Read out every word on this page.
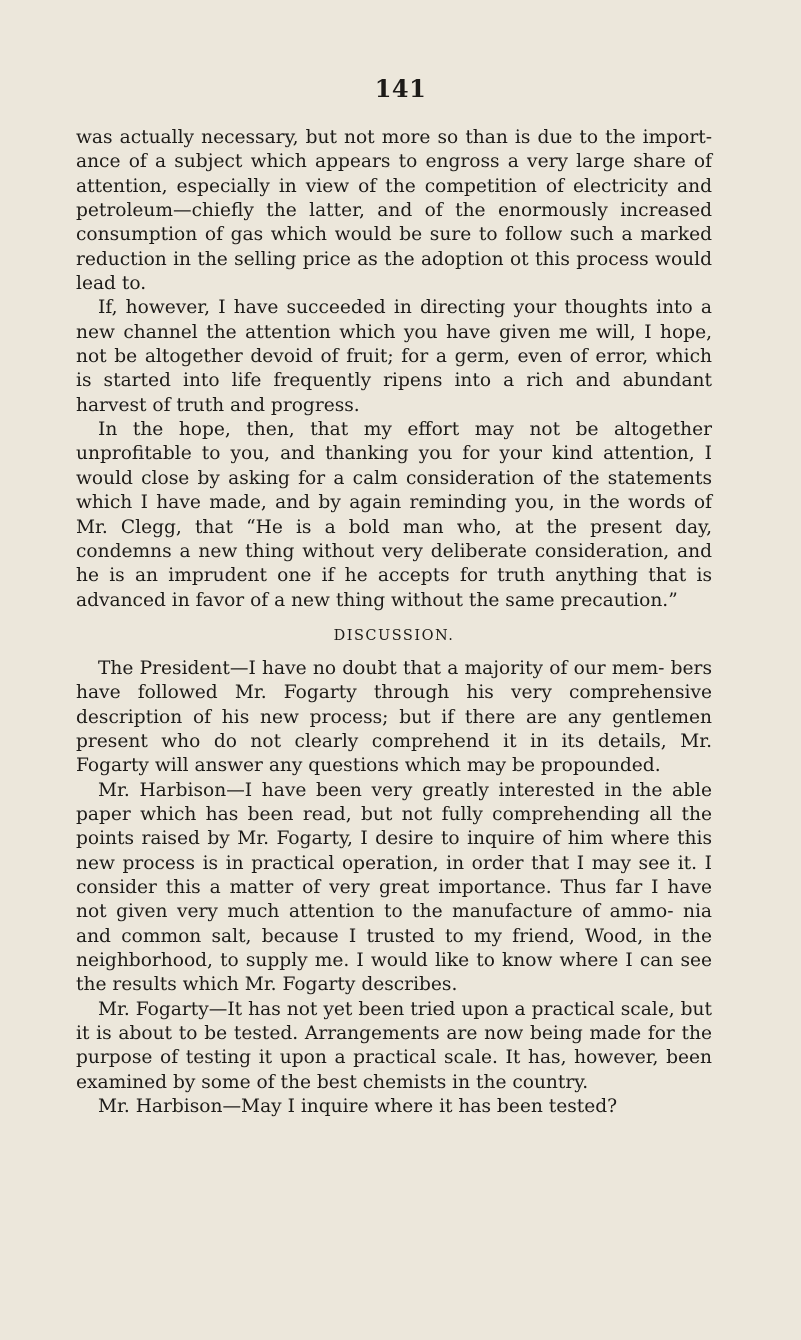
141

was actually necessary, but not more so than is due to the import- ance of a subject which appears to engross a very large share of attention, especially in view of the competition of electricity and petroleum—chiefly the latter, and of the enormously increased consumption of gas which would be sure to follow such a marked reduction in the selling price as the adoption ot this process would lead to.

If, however, I have succeeded in directing your thoughts into a new channel the attention which you have given me will, I hope, not be altogether devoid of fruit; for a germ, even of error, which is started into life frequently ripens into a rich and abundant harvest of truth and progress.

In the hope, then, that my effort may not be altogether unprofitable to you, and thanking you for your kind attention, I would close by asking for a calm consideration of the statements which I have made, and by again reminding you, in the words of Mr. Clegg, that “He is a bold man who, at the present day, condemns a new thing without very deliberate consideration, and he is an imprudent one if he accepts for truth anything that is advanced in favor of a new thing without the same precaution.”

DISCUSSION.

The President—I have no doubt that a majority of our mem- bers have followed Mr. Fogarty through his very comprehensive description of his new process; but if there are any gentlemen present who do not clearly comprehend it in its details, Mr. Fogarty will answer any questions which may be propounded.

Mr. Harbison—I have been very greatly interested in the able paper which has been read, but not fully comprehending all the points raised by Mr. Fogarty, I desire to inquire of him where this new process is in practical operation, in order that I may see it. I consider this a matter of very great importance. Thus far I have not given very much attention to the manufacture of ammo- nia and common salt, because I trusted to my friend, Wood, in the neighborhood, to supply me. I would like to know where I can see the results which Mr. Fogarty describes.

Mr. Fogarty—It has not yet been tried upon a practical scale, but it is about to be tested. Arrangements are now being made for the purpose of testing it upon a practical scale. It has, however, been examined by some of the best chemists in the country.

Mr. Harbison—May I inquire where it has been tested?
